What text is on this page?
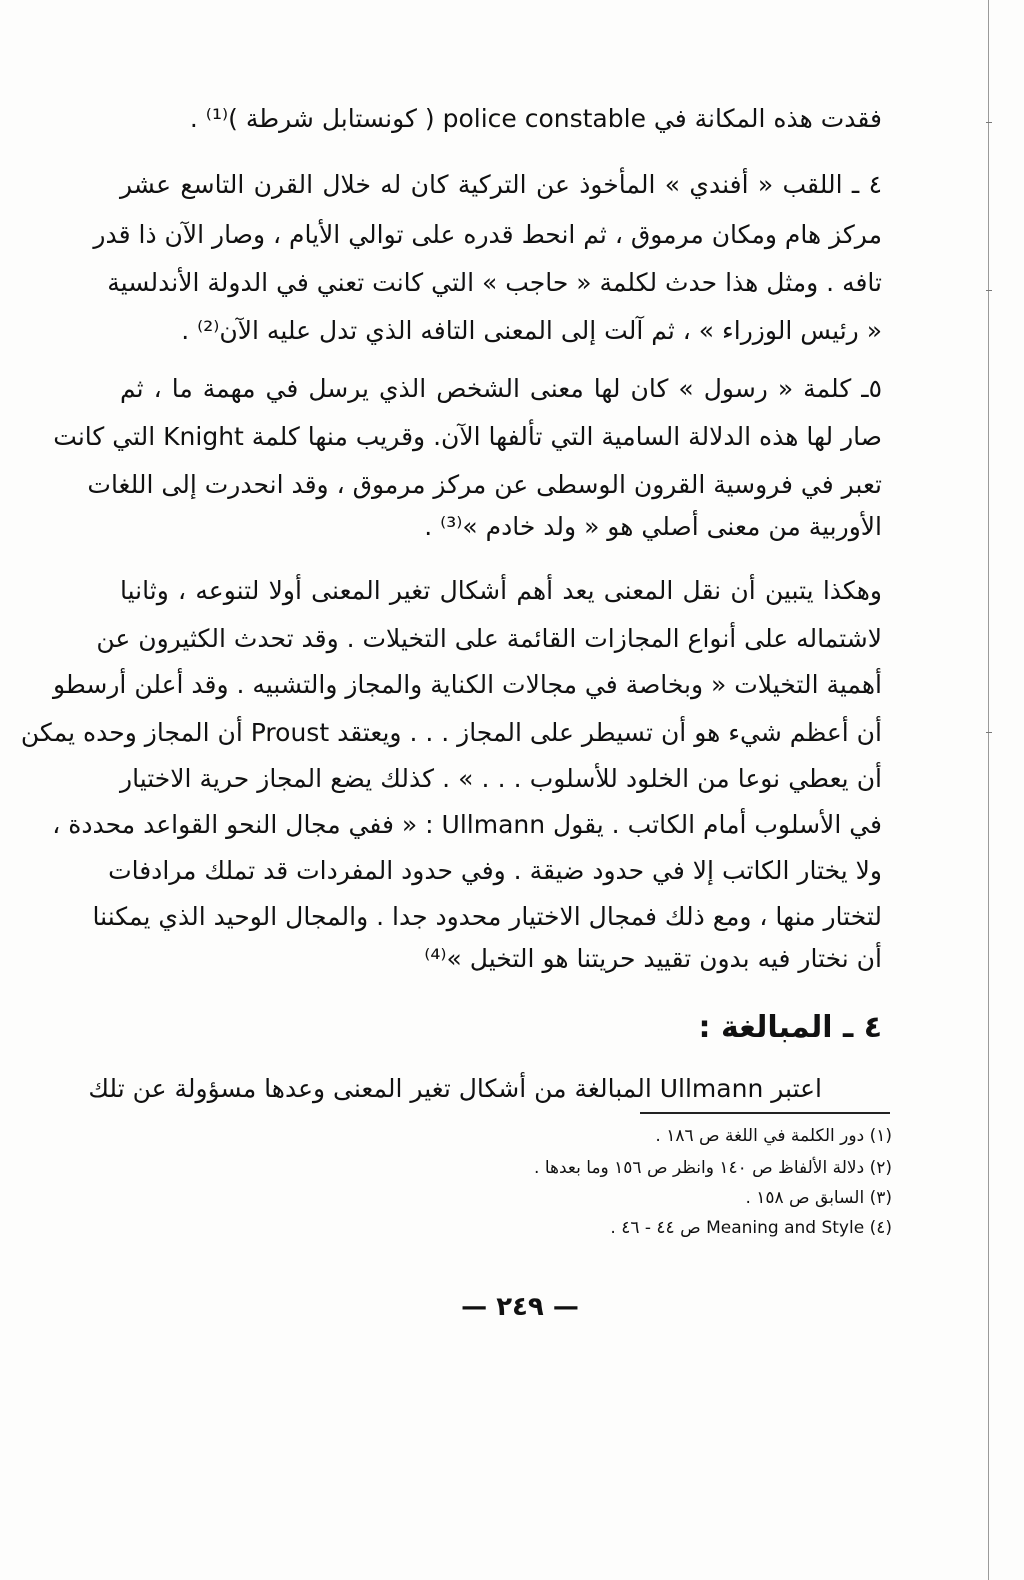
فقدت هذه المكانة في police constable ( كونستابل شرطة )⁽¹⁾ .
٤ ـ اللقب « أفندي » المأخوذ عن التركية كان له خلال القرن التاسع عشر
مركز هام ومكان مرموق ، ثم انحط قدره على توالي الأيام ، وصار الآن ذا قدر
تافه . ومثل هذا حدث لكلمة « حاجب » التي كانت تعني في الدولة الأندلسية
« رئيس الوزراء » ، ثم آلت إلى المعنى التافه الذي تدل عليه الآن⁽²⁾ .
٥ـ كلمة « رسول » كان لها معنى الشخص الذي يرسل في مهمة ما ، ثم
صار لها هذه الدلالة السامية التي تألفها الآن. وقريب منها كلمة Knight التي كانت
تعبر في فروسية القرون الوسطى عن مركز مرموق ، وقد انحدرت إلى اللغات
الأوربية من معنى أصلي هو « ولد خادم »⁽³⁾ .
وهكذا يتبين أن نقل المعنى يعد أهم أشكال تغير المعنى أولا لتنوعه ، وثانيا
لاشتماله على أنواع المجازات القائمة على التخيلات . وقد تحدث الكثيرون عن
أهمية التخيلات « وبخاصة في مجالات الكناية والمجاز والتشبيه . وقد أعلن أرسطو
أن أعظم شيء هو أن تسيطر على المجاز . . . ويعتقد Proust أن المجاز وحده يمكن
أن يعطي نوعا من الخلود للأسلوب . . . » . كذلك يضع المجاز حرية الاختيار
في الأسلوب أمام الكاتب . يقول Ullmann : « ففي مجال النحو القواعد محددة ،
ولا يختار الكاتب إلا في حدود ضيقة . وفي حدود المفردات قد تملك مرادفات
لتختار منها ، ومع ذلك فمجال الاختيار محدود جدا . والمجال الوحيد الذي يمكننا
أن نختار فيه بدون تقييد حريتنا هو التخيل »⁽⁴⁾
٤ ـ المبالغة :
اعتبر Ullmann المبالغة من أشكال تغير المعنى وعدها مسؤولة عن تلك
(١) دور الكلمة في اللغة ص ١٨٦ .
(٢) دلالة الألفاظ ص ١٤٠ وانظر ص ١٥٦ وما بعدها .
(٣) السابق ص ١٥٨ .
(٤) Meaning and Style ص ٤٤ - ٤٦ .
— ٢٤٩ —
